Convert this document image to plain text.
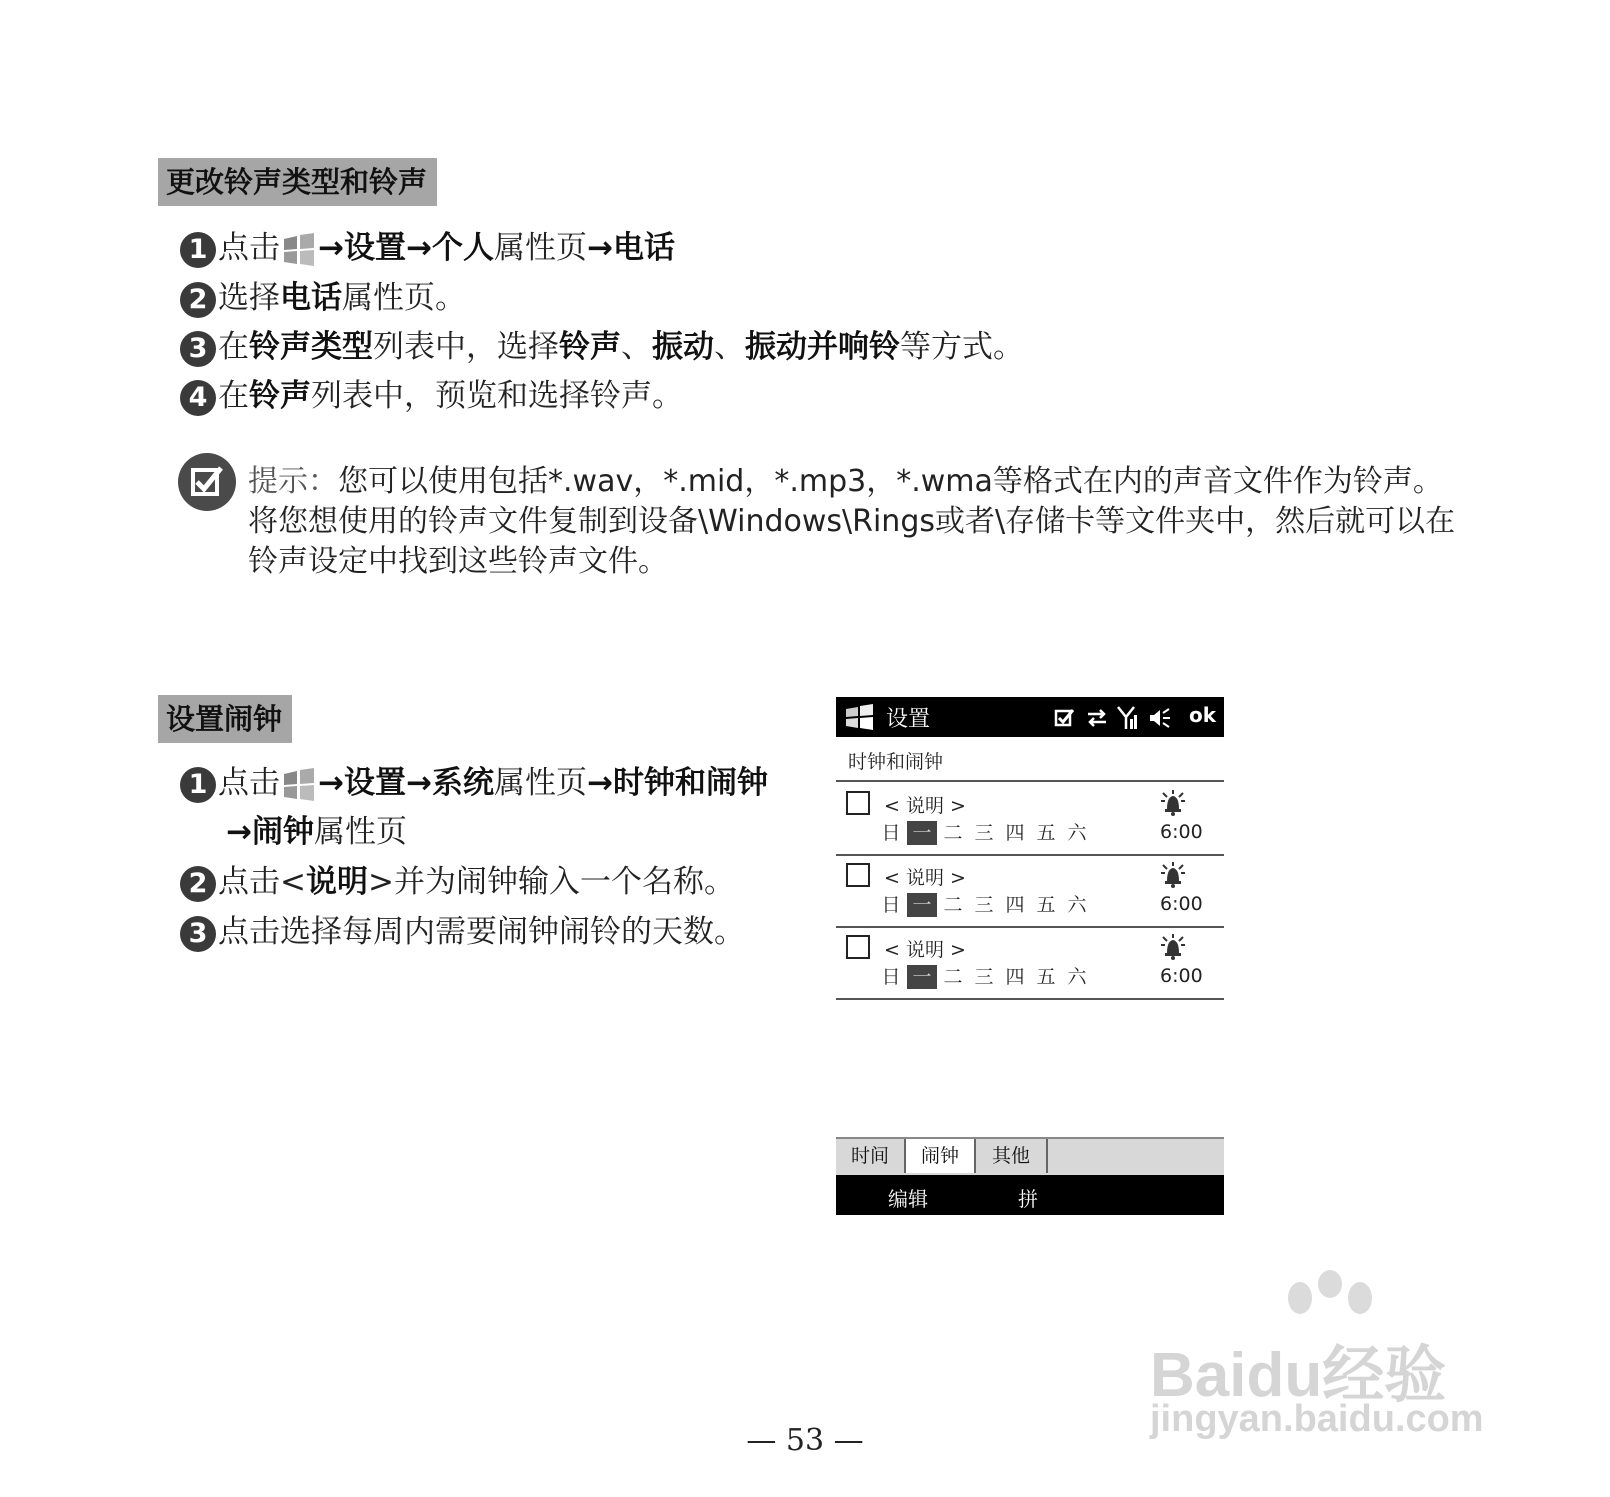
更改铃声类型和铃声
1 点击 →设置→个人属性页→电话
2 选择电话属性页。
3 在铃声类型列表中，选择铃声、振动、振动并响铃等方式。
4 在铃声列表中，预览和选择铃声。
提示：您可以使用包括*.wav，*.mid，*.mp3，*.wma等格式在内的声音文件作为铃声。将您想使用的铃声文件复制到设备\Windows\Rings或者\存储卡等文件夹中，然后就可以在铃声设定中找到这些铃声文件。
设置闹钟
1 点击 →设置→系统属性页→时钟和闹钟
→闹钟属性页
2 点击<说明>并为闹钟输入一个名称。
3 点击选择每周内需要闹钟闹铃的天数。
设置	ok
时钟和闹钟
< 说明 >
日 一 二 三 四 五 六	6:00
< 说明 >
日 一 二 三 四 五 六	6:00
< 说明 >
日 一 二 三 四 五 六	6:00
时间	闹钟	其他
编辑	拼
— 53 —
Baidu经验
jingyan.baidu.com
